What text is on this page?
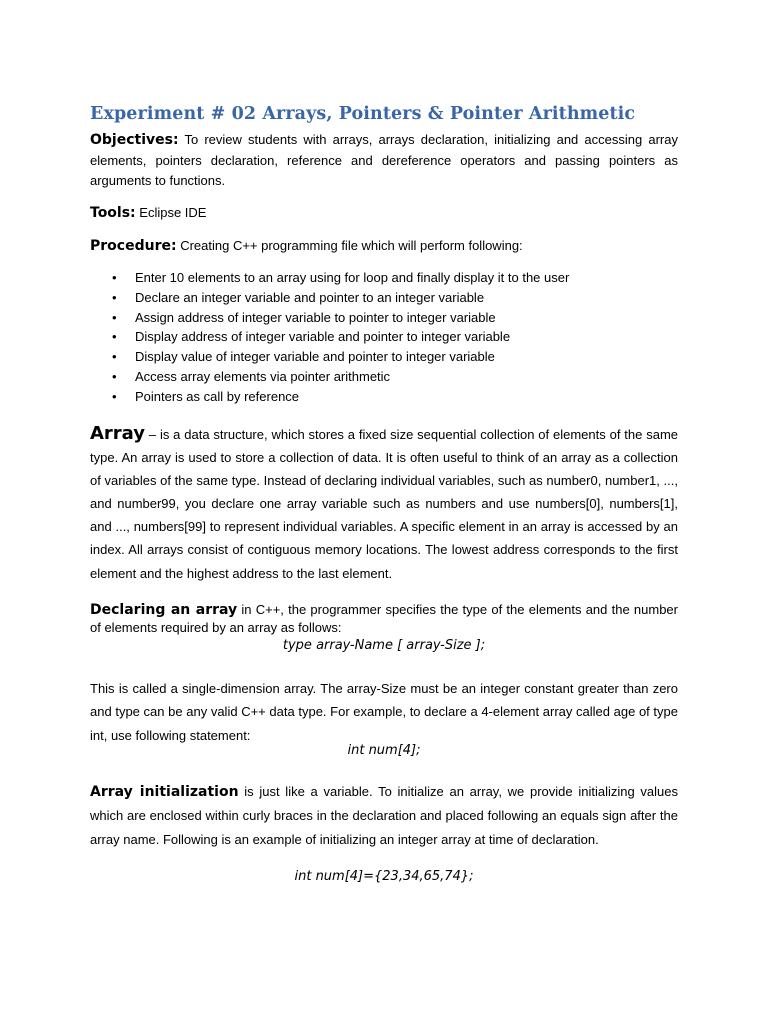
Experiment # 02 Arrays, Pointers & Pointer Arithmetic
Objectives: To review students with arrays, arrays declaration, initializing and accessing array elements, pointers declaration, reference and dereference operators and passing pointers as arguments to functions.
Tools: Eclipse IDE
Procedure: Creating C++ programming file which will perform following:
• Enter 10 elements to an array using for loop and finally display it to the user
• Declare an integer variable and pointer to an integer variable
• Assign address of integer variable to pointer to integer variable
• Display address of integer variable and pointer to integer variable
• Display value of integer variable and pointer to integer variable
• Access array elements via pointer arithmetic
• Pointers as call by reference
Array – is a data structure, which stores a fixed size sequential collection of elements of the same type. An array is used to store a collection of data. It is often useful to think of an array as a collection of variables of the same type. Instead of declaring individual variables, such as number0, number1, ..., and number99, you declare one array variable such as numbers and use numbers[0], numbers[1], and ..., numbers[99] to represent individual variables. A specific element in an array is accessed by an index. All arrays consist of contiguous memory locations. The lowest address corresponds to the first element and the highest address to the last element.
Declaring an array in C++, the programmer specifies the type of the elements and the number of elements required by an array as follows:
type array-Name [ array-Size ];
This is called a single-dimension array. The array-Size must be an integer constant greater than zero and type can be any valid C++ data type. For example, to declare a 4-element array called age of type int, use following statement:
int num[4];
Array initialization is just like a variable. To initialize an array, we provide initializing values which are enclosed within curly braces in the declaration and placed following an equals sign after the array name. Following is an example of initializing an integer array at time of declaration.
int num[4]={23,34,65,74};
